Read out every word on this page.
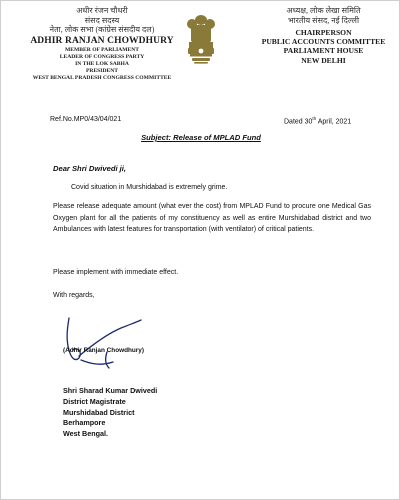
अधीर रंजन चौधरी
संसद सदस्य
नेता, लोक सभा (कांग्रेस संसदीय दल)
ADHIR RANJAN CHOWDHURY
MEMBER OF PARLIAMENT
LEADER OF CONGRESS PARTY
IN THE LOK SABHA
PRESIDENT
WEST BENGAL PRADESH CONGRESS COMMITTEE
अध्यक्ष, लोक लेखा समिति
भारतीय संसद, नई दिल्ली
CHAIRPERSON
PUBLIC ACCOUNTS COMMITTEE
PARLIAMENT HOUSE
NEW DELHI
Ref.No.MP0/43/04/021	Dated 30th April, 2021
Subject: Release of MPLAD Fund
Dear Shri Dwivedi ji,
Covid situation in Murshidabad is extremely grime.
Please release adequate amount (what ever the cost) from MPLAD Fund to procure one Medical Gas Oxygen plant for all the patients of my constituency as well as entire Murshidabad district and two Ambulances with latest features for transportation (with ventilator) of critical patients.
Please implement with immediate effect.
With regards,
(Adhir Ranjan Chowdhury)
Shri Sharad Kumar Dwivedi
District Magistrate
Murshidabad District
Berhampore
West Bengal.
